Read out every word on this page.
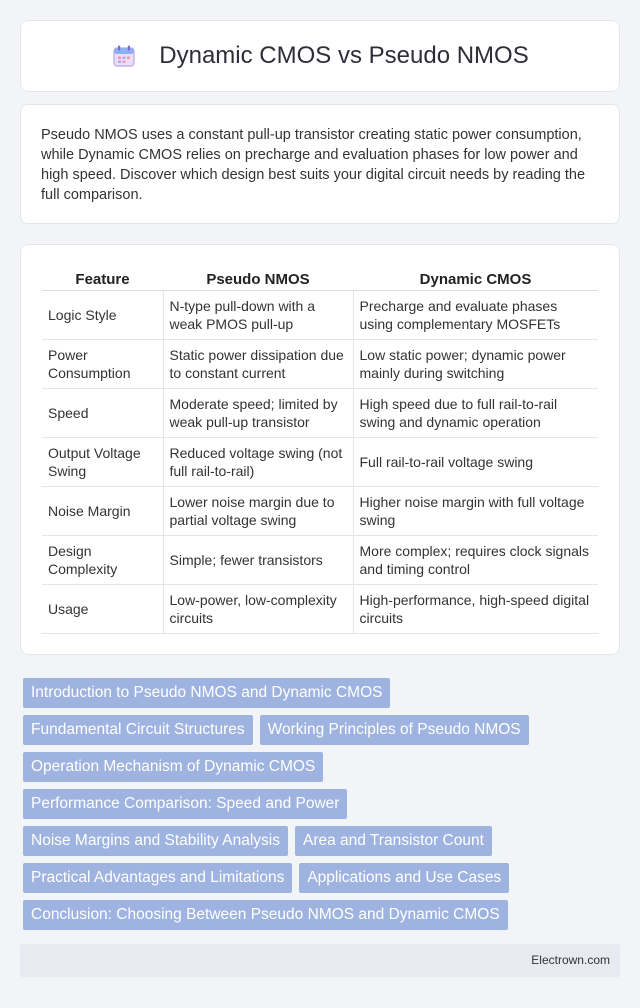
Dynamic CMOS vs Pseudo NMOS

Pseudo NMOS uses a constant pull-up transistor creating static power consumption, while Dynamic CMOS relies on precharge and evaluation phases for low power and high speed. Discover which design best suits your digital circuit needs by reading the full comparison.

Feature	Pseudo NMOS	Dynamic CMOS
Logic Style	N-type pull-down with a weak PMOS pull-up	Precharge and evaluate phases using complementary MOSFETs
Power Consumption	Static power dissipation due to constant current	Low static power; dynamic power mainly during switching
Speed	Moderate speed; limited by weak pull-up transistor	High speed due to full rail-to-rail swing and dynamic operation
Output Voltage Swing	Reduced voltage swing (not full rail-to-rail)	Full rail-to-rail voltage swing
Noise Margin	Lower noise margin due to partial voltage swing	Higher noise margin with full voltage swing
Design Complexity	Simple; fewer transistors	More complex; requires clock signals and timing control
Usage	Low-power, low-complexity circuits	High-performance, high-speed digital circuits
Introduction to Pseudo NMOS and Dynamic CMOS
Fundamental Circuit Structures	Working Principles of Pseudo NMOS
Operation Mechanism of Dynamic CMOS
Performance Comparison: Speed and Power
Noise Margins and Stability Analysis	Area and Transistor Count
Practical Advantages and Limitations	Applications and Use Cases
Conclusion: Choosing Between Pseudo NMOS and Dynamic CMOS
Electrown.com
